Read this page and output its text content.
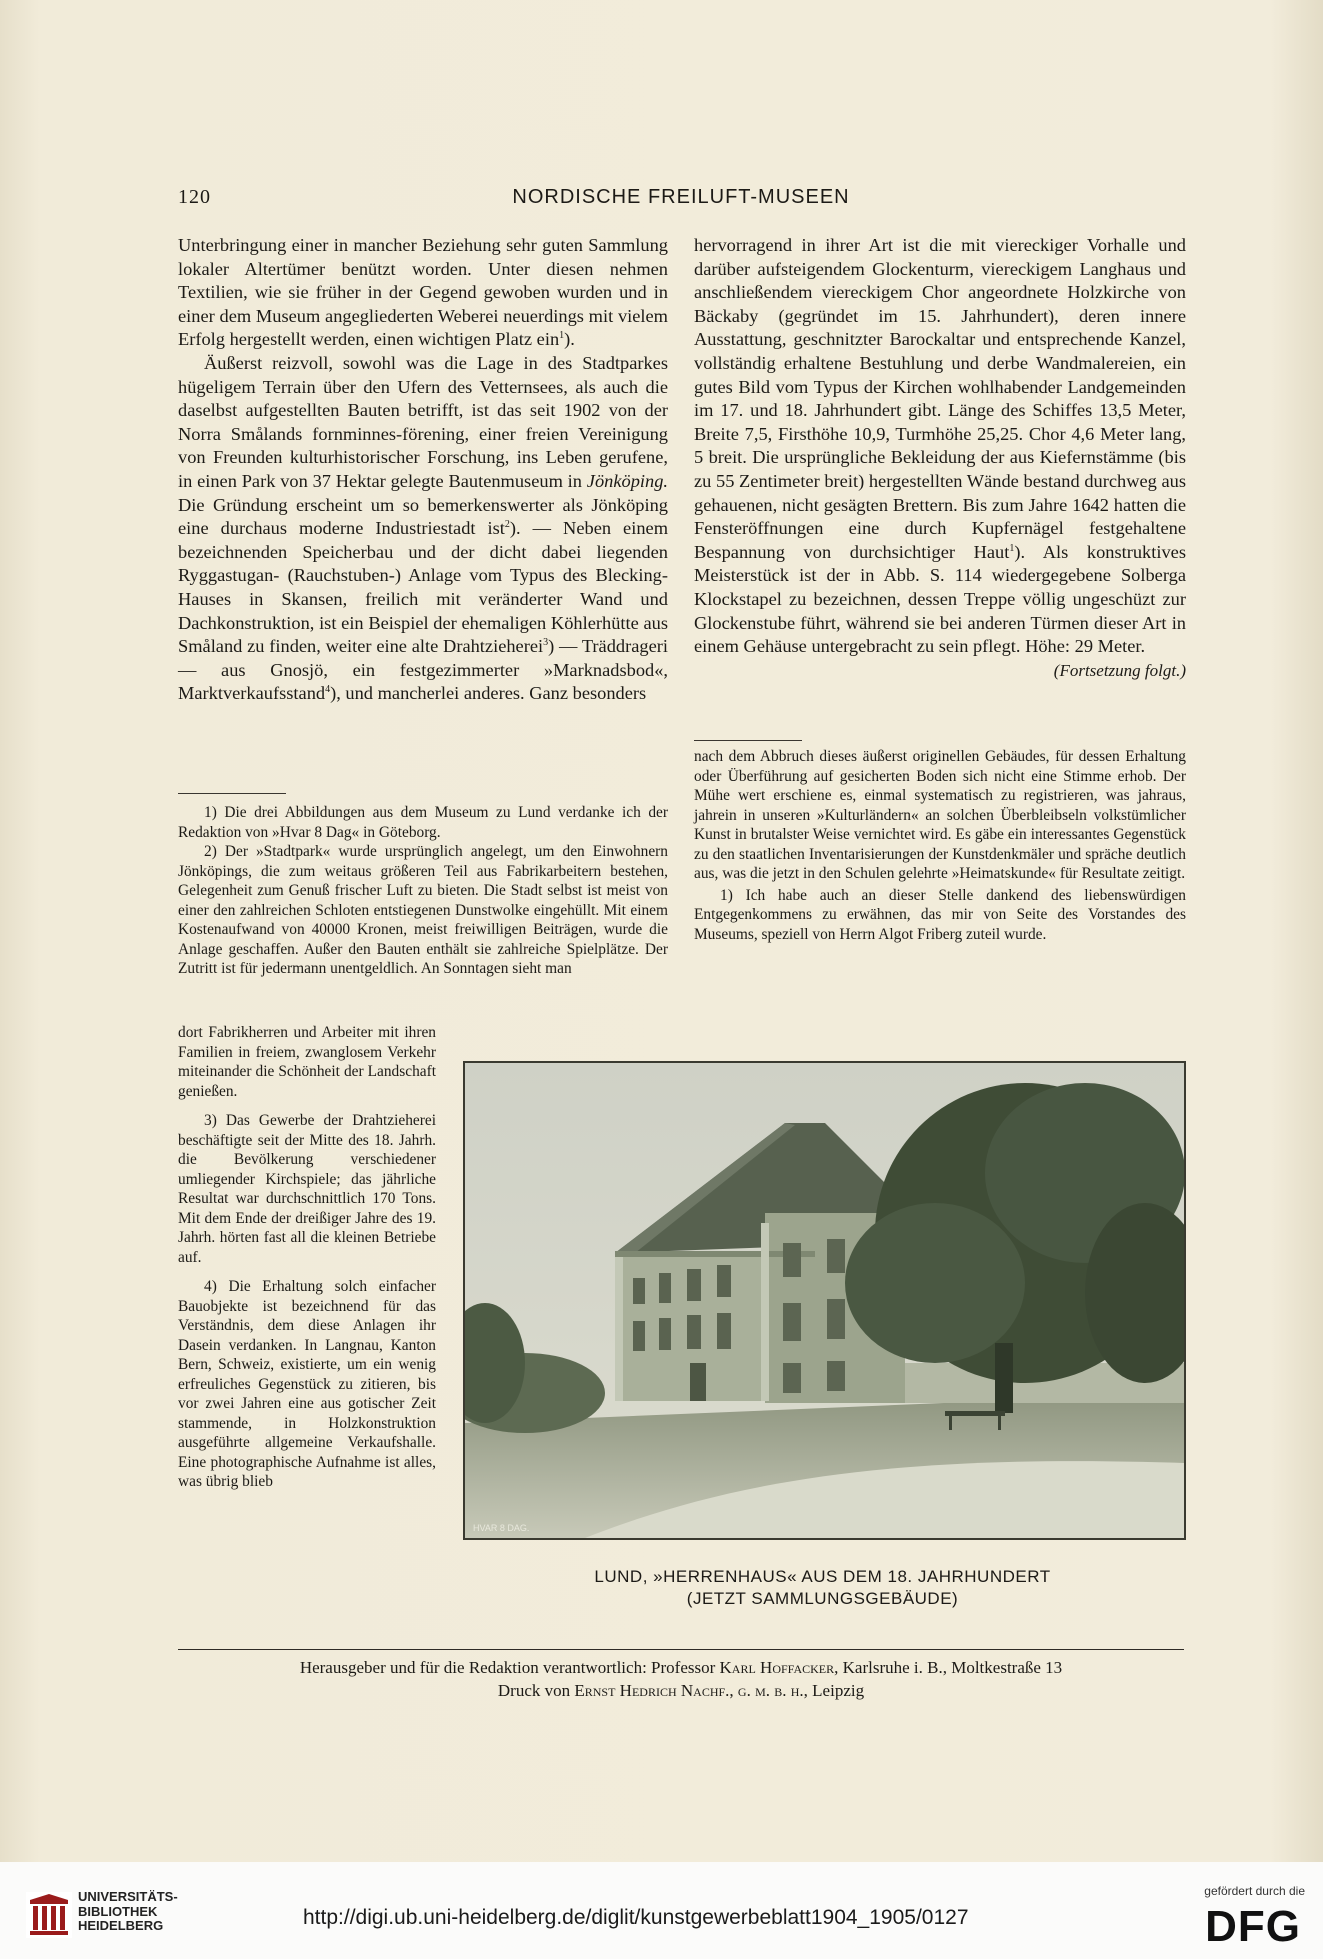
120	NORDISCHE FREILUFT-MUSEEN

Unterbringung einer in mancher Beziehung sehr guten Sammlung lokaler Altertümer benützt worden. Unter diesen nehmen Textilien, wie sie früher in der Gegend gewoben wurden und in einer dem Museum angegliederten Weberei neuerdings mit vielem Erfolg hergestellt werden, einen wichtigen Platz ein$^1$).

Äußerst reizvoll, sowohl was die Lage in des Stadtparkes hügeligem Terrain über den Ufern des Vetternsees, als auch die daselbst aufgestellten Bauten betrifft, ist das seit 1902 von der Norra Smålands fornminnes-förening, einer freien Vereinigung von Freunden kulturhistorischer Forschung, ins Leben gerufene, in einen Park von 37 Hektar gelegte Bautenmuseum in Jönköping. Die Gründung erscheint um so bemerkenswerter als Jönköping eine durchaus moderne Industriestadt ist$^2$). — Neben einem bezeichnenden Speicherbau und der dicht dabei liegenden Ryggastugan- (Rauchstuben-) Anlage vom Typus des Blecking-Hauses in Skansen, freilich mit veränderter Wand und Dachkonstruktion, ist ein Beispiel der ehemaligen Köhlerhütte aus Småland zu finden, weiter eine alte Drahtzieherei$^3$) — Träddrageri — aus Gnosjö, ein festgezimmerter »Marknadsbod«, Marktverkaufsstand$^4$), und mancherlei anderes. Ganz besonders

hervorragend in ihrer Art ist die mit viereckiger Vorhalle und darüber aufsteigendem Glockenturm, viereckigem Langhaus und anschließendem viereckigem Chor angeordnete Holzkirche von Bäckaby (gegründet im 15. Jahrhundert), deren innere Ausstattung, geschnitzter Barockaltar und entsprechende Kanzel, vollständig erhaltene Bestuhlung und derbe Wandmalereien, ein gutes Bild vom Typus der Kirchen wohlhabender Landgemeinden im 17. und 18. Jahrhundert gibt. Länge des Schiffes 13,5 Meter, Breite 7,5, Firsthöhe 10,9, Turmhöhe 25,25. Chor 4,6 Meter lang, 5 breit. Die ursprüngliche Bekleidung der aus Kiefernstämme (bis zu 55 Zentimeter breit) hergestellten Wände bestand durchweg aus gehauenen, nicht gesägten Brettern. Bis zum Jahre 1642 hatten die Fensteröffnungen eine durch Kupfernägel festgehaltene Bespannung von durchsichtiger Haut$^1$). Als konstruktives Meisterstück ist der in Abb. S. 114 wiedergegebene Solberga Klockstapel zu bezeichnen, dessen Treppe völlig ungeschüzt zur Glockenstube führt, während sie bei anderen Türmen dieser Art in einem Gehäuse untergebracht zu sein pflegt. Höhe: 29 Meter.
(Fortsetzung folgt.)

1) Die drei Abbildungen aus dem Museum zu Lund verdanke ich der Redaktion von »Hvar 8 Dag« in Göteborg.

2) Der »Stadtpark« wurde ursprünglich angelegt, um den Einwohnern Jönköpings, die zum weitaus größeren Teil aus Fabrikarbeitern bestehen, Gelegenheit zum Genuß frischer Luft zu bieten. Die Stadt selbst ist meist von einer den zahlreichen Schloten entstiegenen Dunstwolke eingehüllt. Mit einem Kostenaufwand von 40000 Kronen, meist freiwilligen Beiträgen, wurde die Anlage geschaffen. Außer den Bauten enthält sie zahlreiche Spielplätze. Der Zutritt ist für jedermann unentgeldlich. An Sonntagen sieht man

dort Fabrikherren und Arbeiter mit ihren Familien in freiem, zwanglosem Verkehr miteinander die Schönheit der Landschaft genießen.

3) Das Gewerbe der Drahtzieherei beschäftigte seit der Mitte des 18. Jahrh. die Bevölkerung verschiedener umliegender Kirchspiele; das jährliche Resultat war durchschnittlich 170 Tons. Mit dem Ende der dreißiger Jahre des 19. Jahrh. hörten fast all die kleinen Betriebe auf.

4) Die Erhaltung solch einfacher Bauobjekte ist bezeichnend für das Verständnis, dem diese Anlagen ihr Dasein verdanken. In Langnau, Kanton Bern, Schweiz, existierte, um ein wenig erfreuliches Gegenstück zu zitieren, bis vor zwei Jahren eine aus gotischer Zeit stammende, in Holzkonstruktion ausgeführte allgemeine Verkaufshalle. Eine photographische Aufnahme ist alles, was übrig blieb

nach dem Abbruch dieses äußerst originellen Gebäudes, für dessen Erhaltung oder Überführung auf gesicherten Boden sich nicht eine Stimme erhob. Der Mühe wert erschiene es, einmal systematisch zu registrieren, was jahraus, jahrein in unseren »Kulturländern« an solchen Überbleibseln volkstümlicher Kunst in brutalster Weise vernichtet wird. Es gäbe ein interessantes Gegenstück zu den staatlichen Inventarisierungen der Kunstdenkmäler und spräche deutlich aus, was die jetzt in den Schulen gelehrte »Heimatskunde« für Resultate zeitigt.

1) Ich habe auch an dieser Stelle dankend des liebenswürdigen Entgegenkommens zu erwähnen, das mir von Seite des Vorstandes des Museums, speziell von Herrn Algot Friberg zuteil wurde.

HVAR 8 DAG.
LUND, »HERRENHAUS« AUS DEM 18. JAHRHUNDERT
(JETZT SAMMLUNGSGEBÄUDE)
Herausgeber und für die Redaktion verantwortlich: Professor Karl Hoffacker, Karlsruhe i. B., Moltkestraße 13
Druck von Ernst Hedrich Nachf., g. m. b. h., Leipzig
UNIVERSITÄTS-
BIBLIOTHEK
HEIDELBERG	http://digi.ub.uni-heidelberg.de/diglit/kunstgewerbeblatt1904_1905/0127
gefördert durch die
DFG
